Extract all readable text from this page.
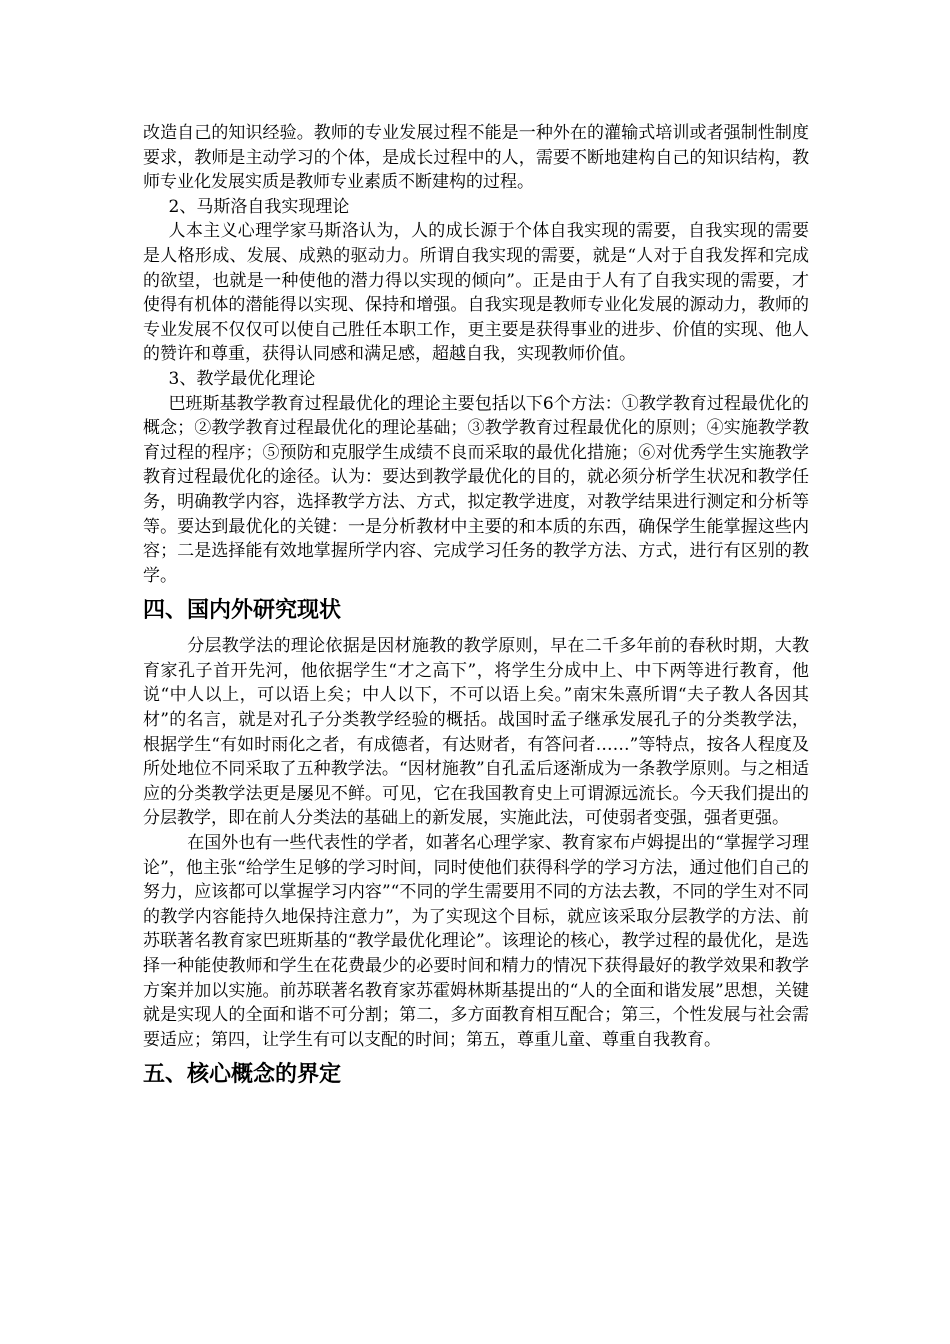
改造自己的知识经验。教师的专业发展过程不能是一种外在的灌输式培训或者强制性制度要求，教师是主动学习的个体，是成长过程中的人，需要不断地建构自己的知识结构，教师专业化发展实质是教师专业素质不断建构的过程。

2、马斯洛自我实现理论

人本主义心理学家马斯洛认为，人的成长源于个体自我实现的需要，自我实现的需要是人格形成、发展、成熟的驱动力。所谓自我实现的需要，就是“人对于自我发挥和完成的欲望，也就是一种使他的潜力得以实现的倾向”。正是由于人有了自我实现的需要，才使得有机体的潜能得以实现、保持和增强。自我实现是教师专业化发展的源动力，教师的专业发展不仅仅可以使自己胜任本职工作，更主要是获得事业的进步、价值的实现、他人的赞许和尊重，获得认同感和满足感，超越自我，实现教师价值。

3、教学最优化理论

巴班斯基教学教育过程最优化的理论主要包括以下6个方法：①教学教育过程最优化的概念；②教学教育过程最优化的理论基础；③教学教育过程最优化的原则；④实施教学教育过程的程序；⑤预防和克服学生成绩不良而采取的最优化措施；⑥对优秀学生实施教学教育过程最优化的途径。认为：要达到教学最优化的目的，就必须分析学生状况和教学任务，明确教学内容，选择教学方法、方式，拟定教学进度，对教学结果进行测定和分析等等。要达到最优化的关键：一是分析教材中主要的和本质的东西，确保学生能掌握这些内容；二是选择能有效地掌握所学内容、完成学习任务的教学方法、方式，进行有区别的教学。

四、国内外研究现状

分层教学法的理论依据是因材施教的教学原则，早在二千多年前的春秋时期，大教育家孔子首开先河，他依据学生“才之高下”，将学生分成中上、中下两等进行教育，他说“中人以上，可以语上矣；中人以下，不可以语上矣。”南宋朱熹所谓“夫子教人各因其材”的名言，就是对孔子分类教学经验的概括。战国时孟子继承发展孔子的分类教学法，根据学生“有如时雨化之者，有成德者，有达财者，有答问者……”等特点，按各人程度及所处地位不同采取了五种教学法。“因材施教”自孔孟后逐渐成为一条教学原则。与之相适应的分类教学法更是屡见不鲜。可见，它在我国教育史上可谓源远流长。今天我们提出的分层教学，即在前人分类法的基础上的新发展，实施此法，可使弱者变强，强者更强。

在国外也有一些代表性的学者，如著名心理学家、教育家布卢姆提出的“掌握学习理论”，他主张“给学生足够的学习时间，同时使他们获得科学的学习方法，通过他们自己的努力，应该都可以掌握学习内容”“不同的学生需要用不同的方法去教，不同的学生对不同的教学内容能持久地保持注意力”，为了实现这个目标，就应该采取分层教学的方法、前苏联著名教育家巴班斯基的“教学最优化理论”。该理论的核心，教学过程的最优化，是选择一种能使教师和学生在花费最少的必要时间和精力的情况下获得最好的教学效果和教学方案并加以实施。前苏联著名教育家苏霍姆林斯基提出的“人的全面和谐发展”思想，关键就是实现人的全面和谐不可分割；第二，多方面教育相互配合；第三，个性发展与社会需要适应；第四，让学生有可以支配的时间；第五，尊重儿童、尊重自我教育。

五、核心概念的界定
